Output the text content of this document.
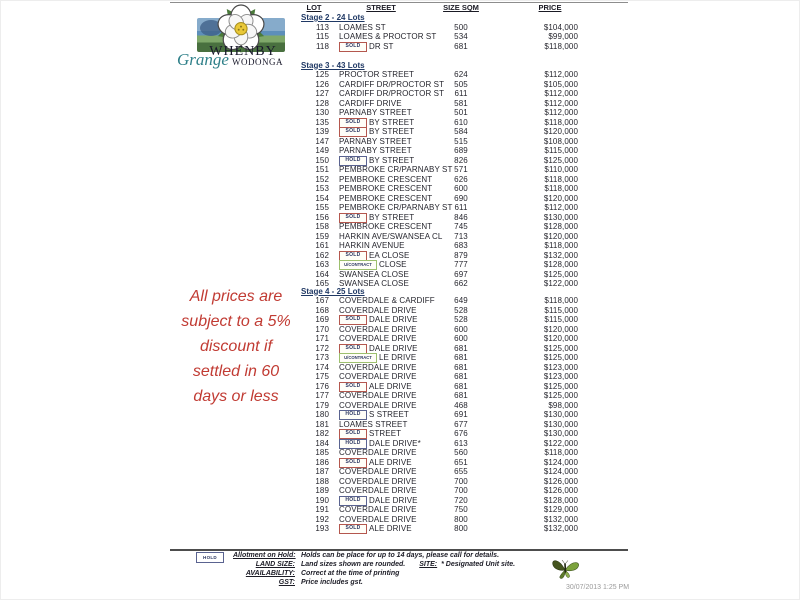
WHENBY
Grange WODONGA
All prices are
subject to a 5%
discount if
settled in 60
days or less
LOT	STREET	SIZE SQM	PRICE
Stage 2 - 24 Lots
113	LOAMES ST	500	$104,000
115	LOAMES & PROCTOR ST	534	$99,000
118	SOLD	DR ST	681	$118,000
Stage 3 - 43 Lots
125	PROCTOR STREET	624	$112,000
126	CARDIFF DR/PROCTOR ST	505	$105,000
127	CARDIFF DR/PROCTOR ST	611	$112,000
128	CARDIFF DRIVE	581	$112,000
130	PARNABY STREET	501	$112,000
135	SOLD	BY STREET	610	$118,000
139	SOLD	BY STREET	584	$120,000
147	PARNABY STREET	515	$108,000
149	PARNABY STREET	689	$115,000
150	HOLD	BY STREET	826	$125,000
151	PEMBROKE CR/PARNABY ST 571	$110,000
152	PEMBROKE CRESCENT	626	$118,000
153	PEMBROKE CRESCENT	600	$118,000
154	PEMBROKE CRESCENT	690	$120,000
155	PEMBROKE CR/PARNABY ST 611	$112,000
156	SOLD	BY STREET	846	$130,000
158	PEMBROKE CRESCENT	745	$128,000
159	HARKIN AVE/SWANSEA CL	713	$120,000
161	HARKIN AVENUE	683	$118,000
162	SOLD	EA CLOSE	879	$132,000
163	U/CONTRACT CLOSE	777	$128,000
164	SWANSEA CLOSE	697	$125,000
165	SWANSEA CLOSE	662	$122,000
Stage 4 - 25 Lots
167	COVERDALE & CARDIFF	649	$118,000
168	COVERDALE DRIVE	528	$115,000
169	SOLD	DALE DRIVE	528	$115,000
170	COVERDALE DRIVE	600	$120,000
171	COVERDALE DRIVE	600	$120,000
172	SOLD	DALE DRIVE	681	$125,000
173	U/CONTRACT LE DRIVE	681	$125,000
174	COVERDALE DRIVE	681	$123,000
175	COVERDALE DRIVE	681	$123,000
176	SOLD	ALE DRIVE	681	$125,000
177	COVERDALE DRIVE	681	$125,000
179	COVERDALE DRIVE	468	$98,000
180	HOLD	S STREET	691	$130,000
181	LOAMES STREET	677	$130,000
182	SOLD	STREET	676	$130,000
184	HOLD	DALE DRIVE*	613	$122,000
185	COVERDALE DRIVE	560	$118,000
186	SOLD	ALE DRIVE	651	$124,000
187	COVERDALE DRIVE	655	$124,000
188	COVERDALE DRIVE	700	$126,000
189	COVERDALE DRIVE	700	$126,000
190	HOLD	DALE DRIVE	720	$128,000
191	COVERDALE DRIVE	750	$129,000
192	COVERDALE DRIVE	800	$132,000
193	SOLD	ALE DRIVE	800	$132,000
HOLD	Allotment on Hold: Holds can be place for up to 14 days, please call for details.
LAND SIZE: Land sizes shown are rounded. SITE: * Designated Unit site.
AVAILABILITY: Correct at the time of printing
GST: Price includes gst.
30/07/2013 1:25 PM
